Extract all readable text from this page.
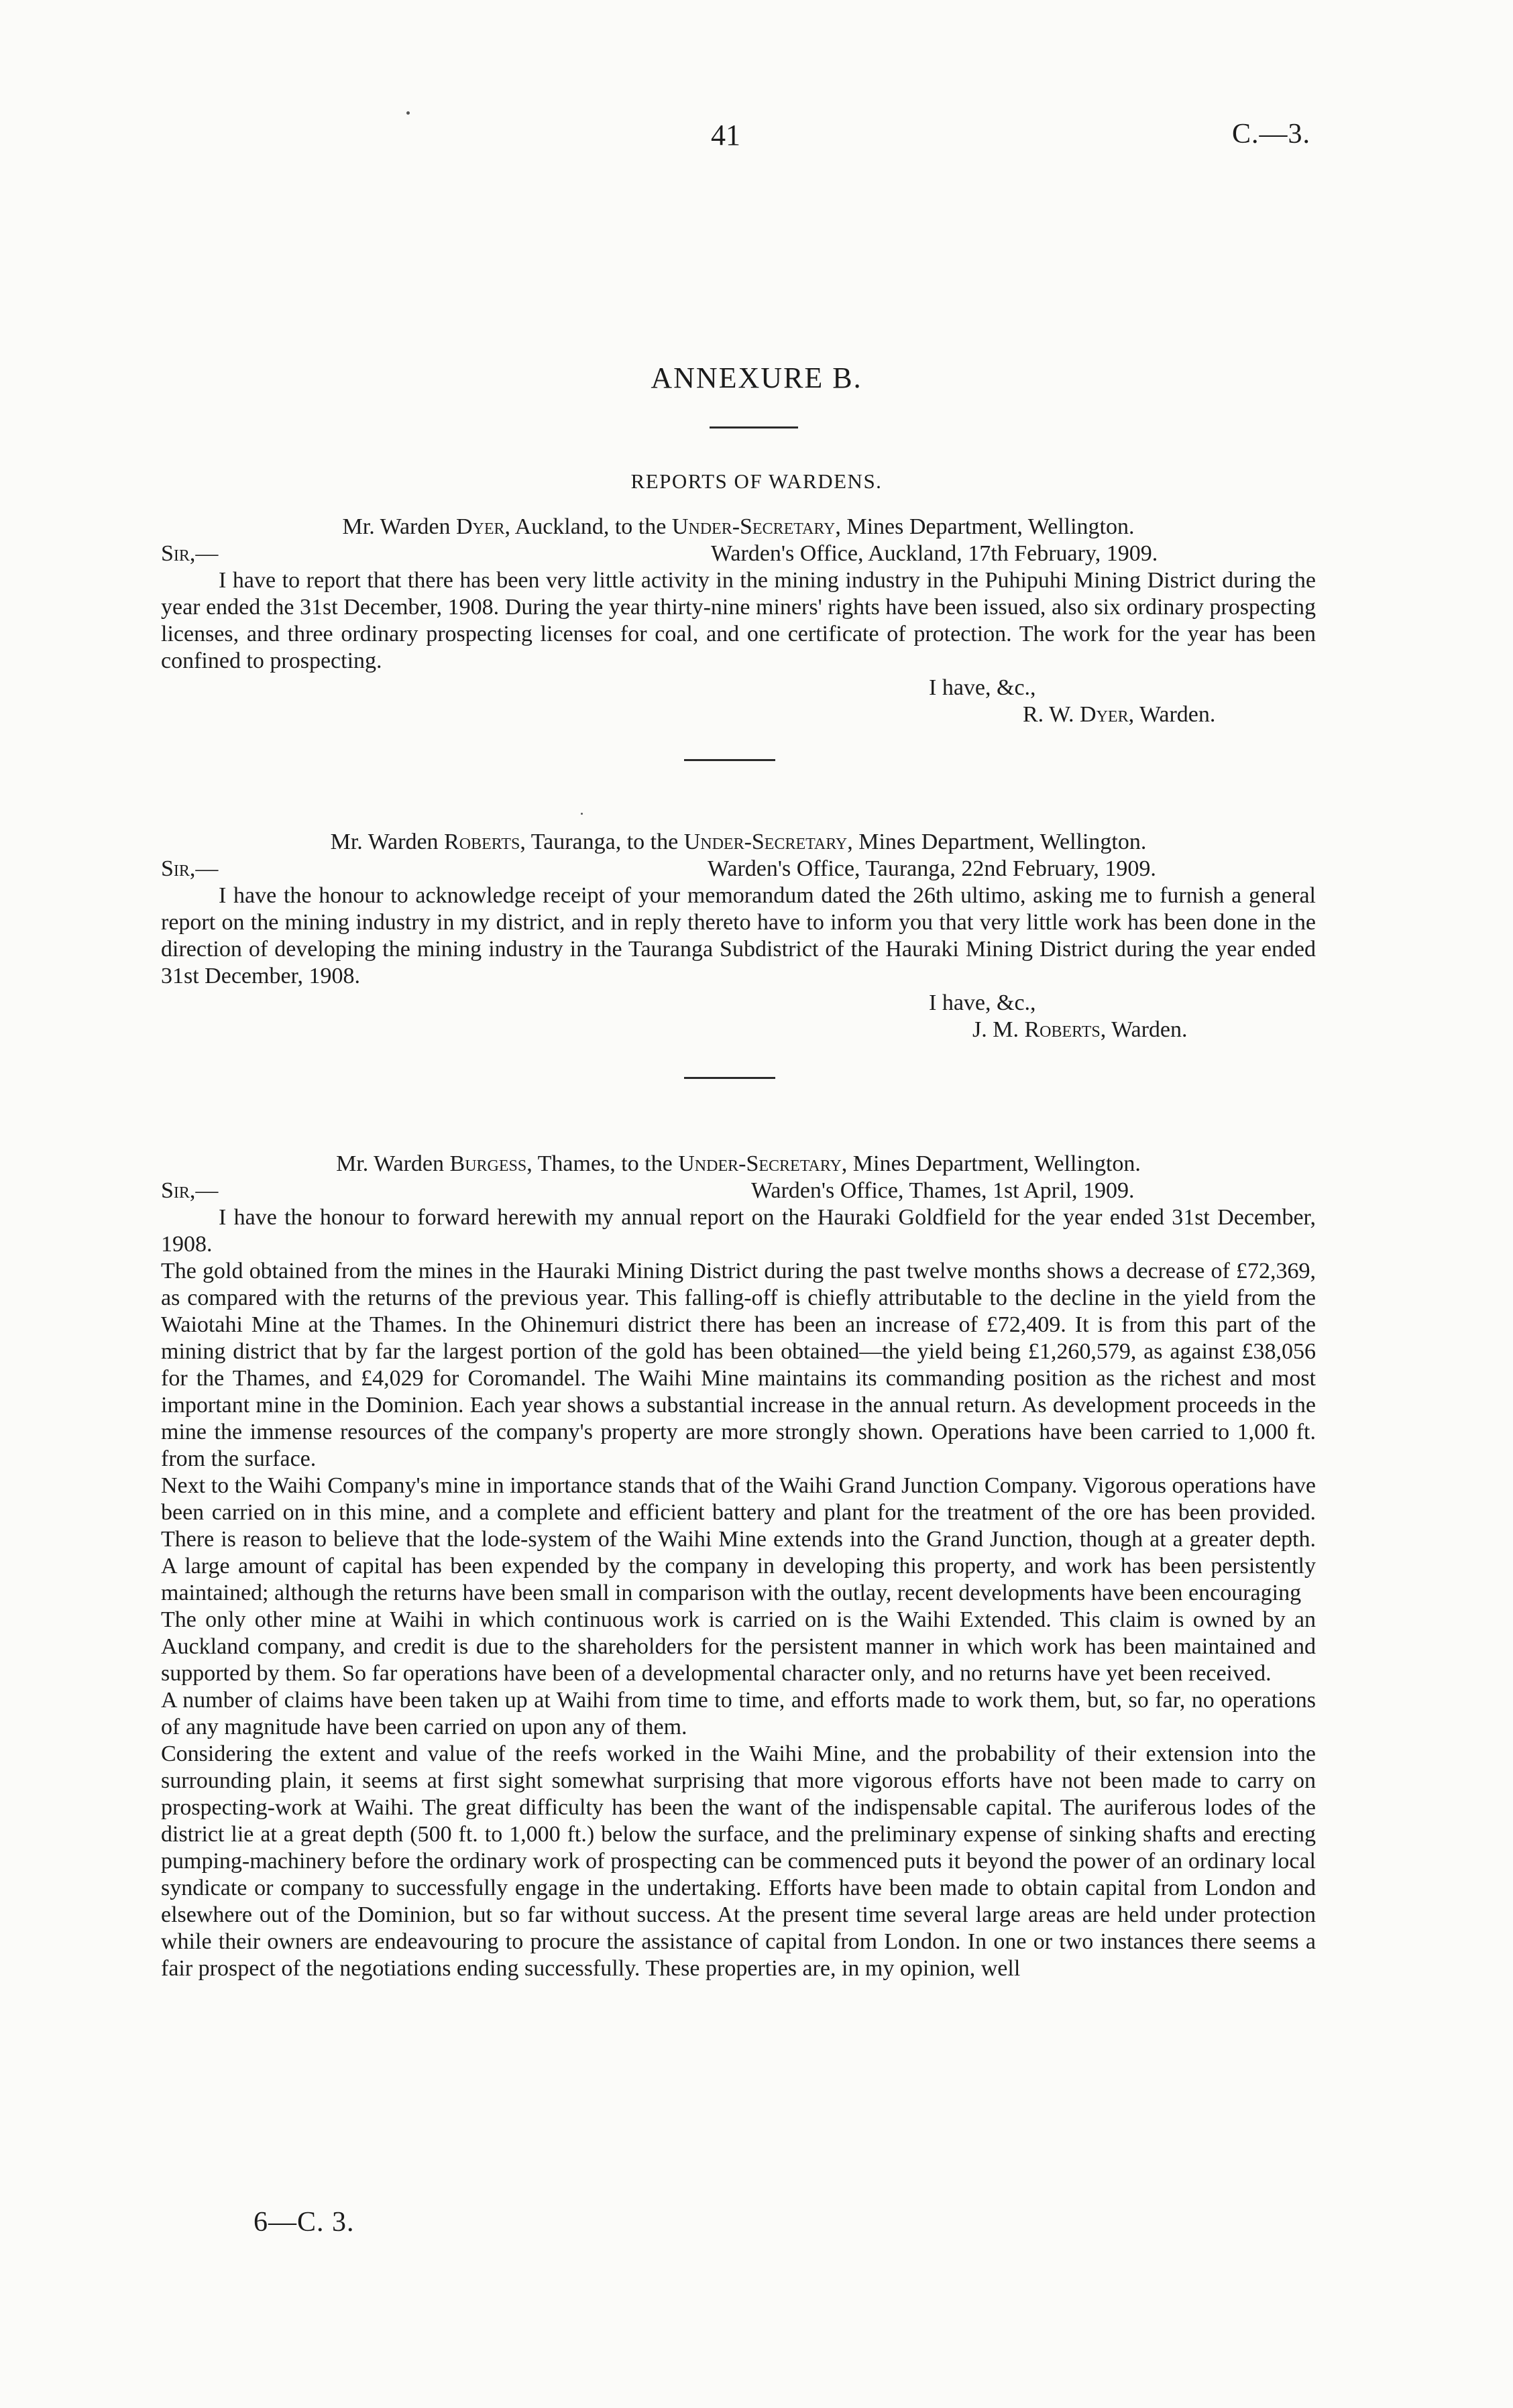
41	C.—3.
ANNEXURE B.
REPORTS OF WARDENS.
Mr. Warden Dyer, Auckland, to the Under-Secretary, Mines Department, Wellington.
Sir,—	Warden's Office, Auckland, 17th February, 1909.

I have to report that there has been very little activity in the mining industry in the Puhipuhi Mining District during the year ended the 31st December, 1908. During the year thirty-nine miners' rights have been issued, also six ordinary prospecting licenses, and three ordinary prospecting licenses for coal, and one certificate of protection. The work for the year has been confined to prospecting.

I have, &c.,
R. W. Dyer, Warden.
Mr. Warden Roberts, Tauranga, to the Under-Secretary, Mines Department, Wellington.
Sir,—	Warden's Office, Tauranga, 22nd February, 1909.

I have the honour to acknowledge receipt of your memorandum dated the 26th ultimo, asking me to furnish a general report on the mining industry in my district, and in reply thereto have to inform you that very little work has been done in the direction of developing the mining industry in the Tauranga Subdistrict of the Hauraki Mining District during the year ended 31st December, 1908.

I have, &c.,
J. M. Roberts, Warden.
Mr. Warden Burgess, Thames, to the Under-Secretary, Mines Department, Wellington.
Sir,—	Warden's Office, Thames, 1st April, 1909.

I have the honour to forward herewith my annual report on the Hauraki Goldfield for the year ended 31st December, 1908.

The gold obtained from the mines in the Hauraki Mining District during the past twelve months shows a decrease of £72,369, as compared with the returns of the previous year. This falling-off is chiefly attributable to the decline in the yield from the Waiotahi Mine at the Thames. In the Ohinemuri district there has been an increase of £72,409. It is from this part of the mining district that by far the largest portion of the gold has been obtained—the yield being £1,260,579, as against £38,056 for the Thames, and £4,029 for Coromandel. The Waihi Mine maintains its commanding position as the richest and most important mine in the Dominion. Each year shows a substantial increase in the annual return. As development proceeds in the mine the immense resources of the company's property are more strongly shown. Operations have been carried to 1,000 ft. from the surface.

Next to the Waihi Company's mine in importance stands that of the Waihi Grand Junction Company. Vigorous operations have been carried on in this mine, and a complete and efficient battery and plant for the treatment of the ore has been provided. There is reason to believe that the lode-system of the Waihi Mine extends into the Grand Junction, though at a greater depth. A large amount of capital has been expended by the company in developing this property, and work has been persistently maintained; although the returns have been small in comparison with the outlay, recent developments have been encouraging

The only other mine at Waihi in which continuous work is carried on is the Waihi Extended. This claim is owned by an Auckland company, and credit is due to the shareholders for the persistent manner in which work has been maintained and supported by them. So far operations have been of a developmental character only, and no returns have yet been received.

A number of claims have been taken up at Waihi from time to time, and efforts made to work them, but, so far, no operations of any magnitude have been carried on upon any of them.

Considering the extent and value of the reefs worked in the Waihi Mine, and the probability of their extension into the surrounding plain, it seems at first sight somewhat surprising that more vigorous efforts have not been made to carry on prospecting-work at Waihi. The great difficulty has been the want of the indispensable capital. The auriferous lodes of the district lie at a great depth (500 ft. to 1,000 ft.) below the surface, and the preliminary expense of sinking shafts and erecting pumping-machinery before the ordinary work of prospecting can be commenced puts it beyond the power of an ordinary local syndicate or company to successfully engage in the undertaking. Efforts have been made to obtain capital from London and elsewhere out of the Dominion, but so far without success. At the present time several large areas are held under protection while their owners are endeavouring to procure the assistance of capital from London. In one or two instances there seems a fair prospect of the negotiations ending successfully. These properties are, in my opinion, well

6—C. 3.
